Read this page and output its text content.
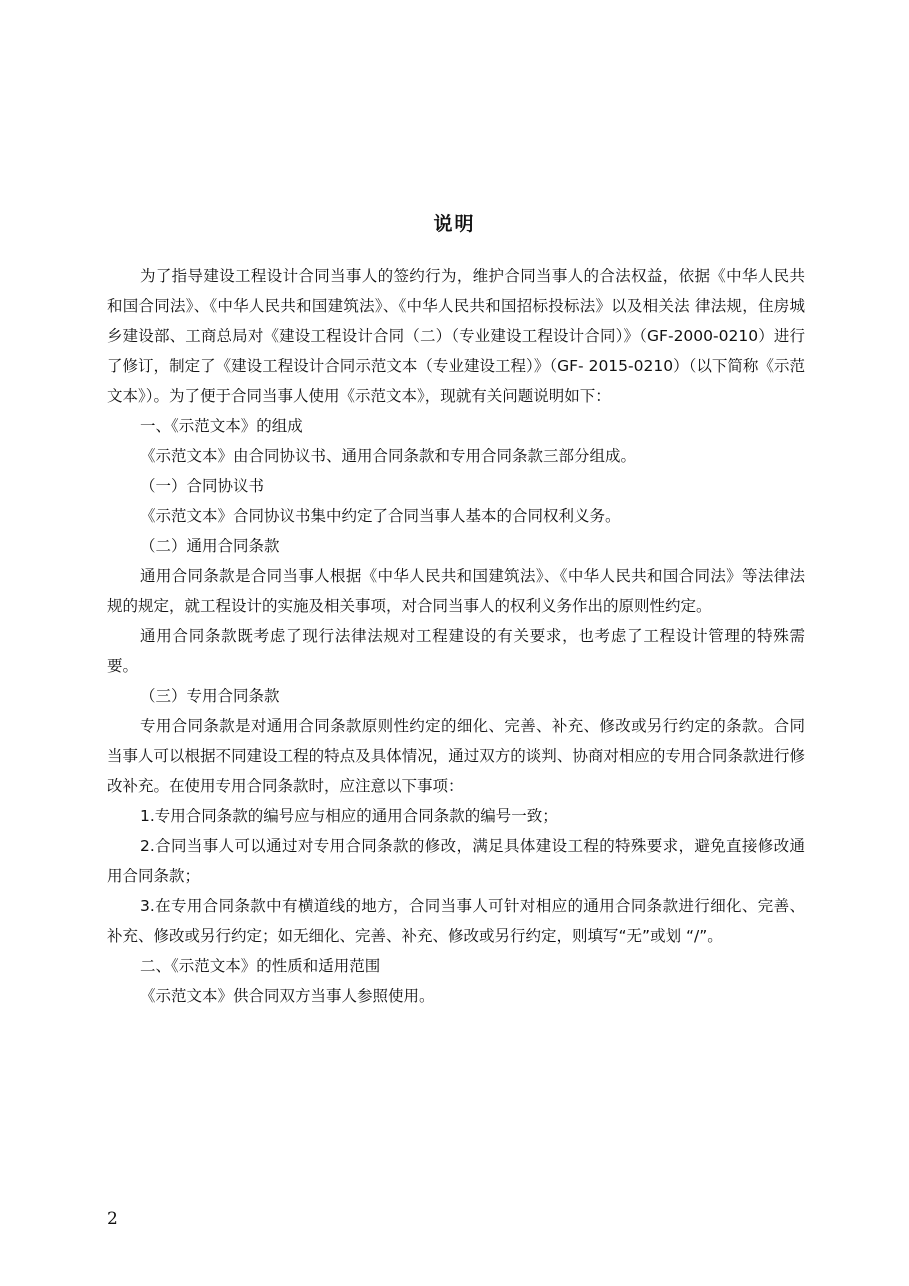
说明

为了指导建设工程设计合同当事人的签约行为，维护合同当事人的合法权益，依据《中华人民共和国合同法》、《中华人民共和国建筑法》、《中华人民共和国招标投标法》以及相关法 律法规，住房城乡建设部、工商总局对《建设工程设计合同（二）（专业建设工程设计合同）》（GF-2000-0210）进行了修订，制定了《建设工程设计合同示范文本（专业建设工程）》（GF- 2015-0210）（以下简称《示范文本》）。为了便于合同当事人使用《示范文本》，现就有关问题说明如下：

一、《示范文本》的组成

《示范文本》由合同协议书、通用合同条款和专用合同条款三部分组成。

（一）合同协议书

《示范文本》合同协议书集中约定了合同当事人基本的合同权利义务。

（二）通用合同条款

通用合同条款是合同当事人根据《中华人民共和国建筑法》、《中华人民共和国合同法》等法律法规的规定，就工程设计的实施及相关事项，对合同当事人的权利义务作出的原则性约定。

通用合同条款既考虑了现行法律法规对工程建设的有关要求，也考虑了工程设计管理的特殊需要。

（三）专用合同条款

专用合同条款是对通用合同条款原则性约定的细化、完善、补充、修改或另行约定的条款。合同当事人可以根据不同建设工程的特点及具体情况，通过双方的谈判、协商对相应的专用合同条款进行修改补充。在使用专用合同条款时，应注意以下事项：

1.专用合同条款的编号应与相应的通用合同条款的编号一致；

2.合同当事人可以通过对专用合同条款的修改，满足具体建设工程的特殊要求，避免直接修改通用合同条款；

3.在专用合同条款中有横道线的地方，合同当事人可针对相应的通用合同条款进行细化、完善、补充、修改或另行约定；如无细化、完善、补充、修改或另行约定，则填写“无”或划 “/”。

二、《示范文本》的性质和适用范围

《示范文本》供合同双方当事人参照使用。

2
